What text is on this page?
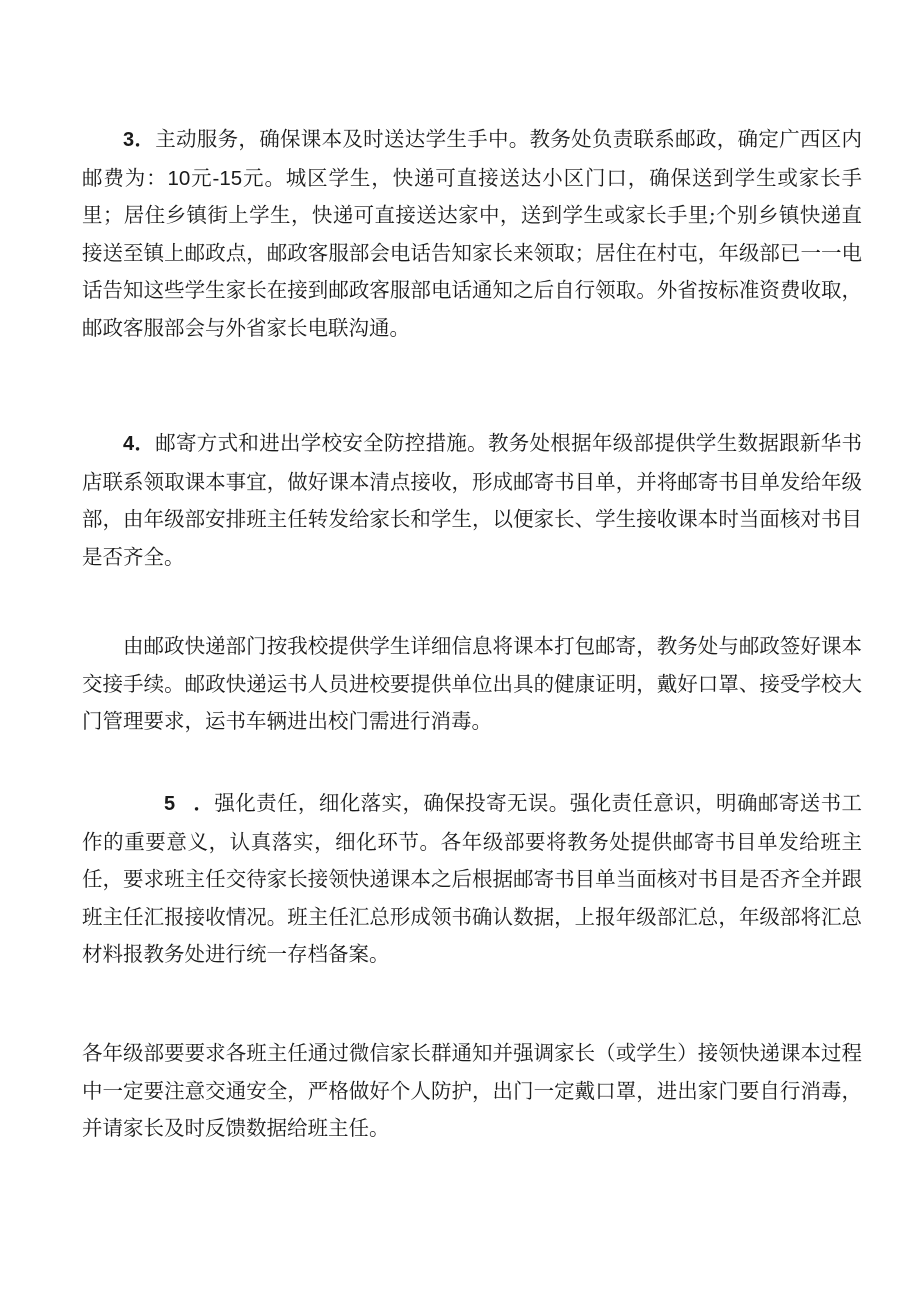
3．主动服务，确保课本及时送达学生手中。教务处负责联系邮政，确定广西区内邮费为：10元-15元。城区学生，快递可直接送达小区门口，确保送到学生或家长手里；居住乡镇街上学生，快递可直接送达家中，送到学生或家长手里;个别乡镇快递直接送至镇上邮政点，邮政客服部会电话告知家长来领取；居住在村屯，年级部已一一电话告知这些学生家长在接到邮政客服部电话通知之后自行领取。外省按标准资费收取，邮政客服部会与外省家长电联沟通。

4．邮寄方式和进出学校安全防控措施。教务处根据年级部提供学生数据跟新华书店联系领取课本事宜，做好课本清点接收，形成邮寄书目单，并将邮寄书目单发给年级部，由年级部安排班主任转发给家长和学生，以便家长、学生接收课本时当面核对书目是否齐全。

由邮政快递部门按我校提供学生详细信息将课本打包邮寄，教务处与邮政签好课本交接手续。邮政快递运书人员进校要提供单位出具的健康证明，戴好口罩、接受学校大门管理要求，运书车辆进出校门需进行消毒。

5 ．强化责任，细化落实，确保投寄无误。强化责任意识，明确邮寄送书工作的重要意义，认真落实，细化环节。各年级部要将教务处提供邮寄书目单发给班主任，要求班主任交待家长接领快递课本之后根据邮寄书目单当面核对书目是否齐全并跟班主任汇报接收情况。班主任汇总形成领书确认数据，上报年级部汇总，年级部将汇总材料报教务处进行统一存档备案。

各年级部要要求各班主任通过微信家长群通知并强调家长（或学生）接领快递课本过程中一定要注意交通安全，严格做好个人防护，出门一定戴口罩，进出家门要自行消毒，并请家长及时反馈数据给班主任。
